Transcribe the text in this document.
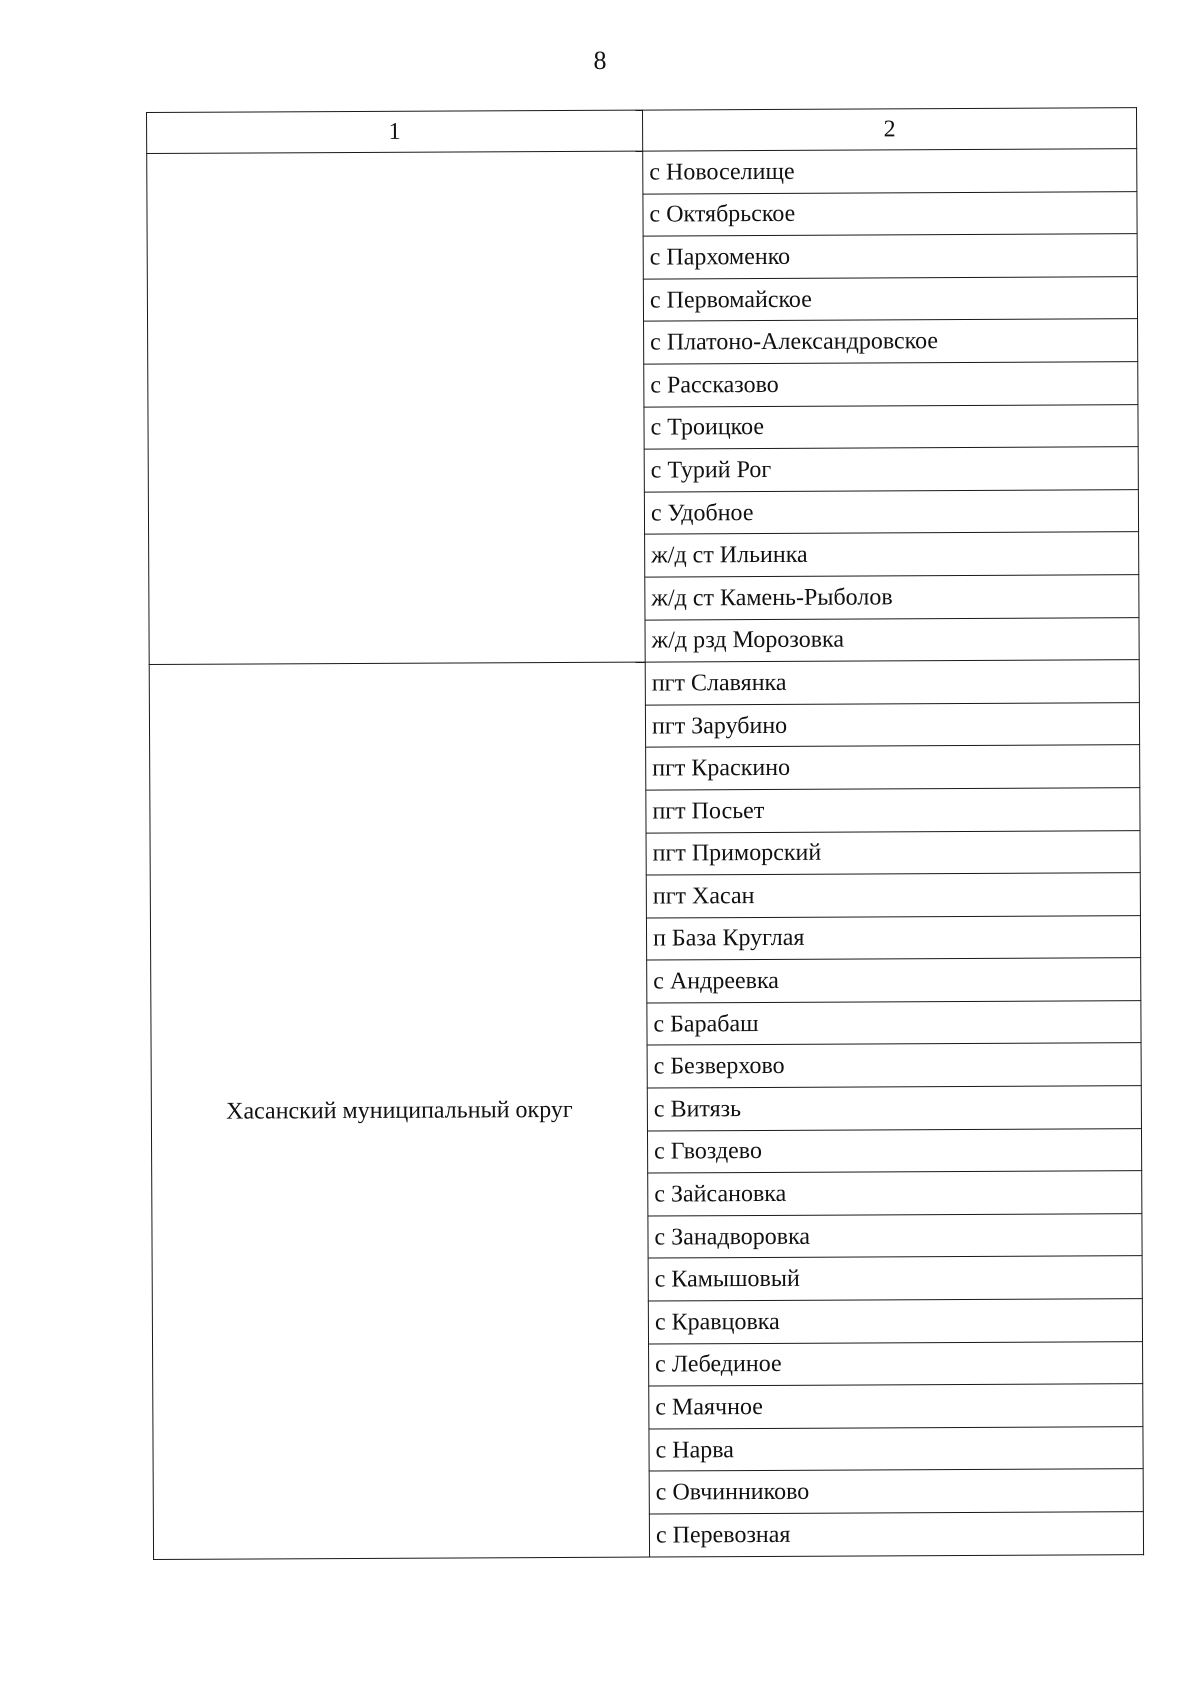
8
1	2
	с Новоселище
	с Октябрьское
	с Пархоменко
	с Первомайское
	с Платоно-Александровское
	с Рассказово
	с Троицкое
	с Турий Рог
	с Удобное
	ж/д ст Ильинка
	ж/д ст Камень-Рыболов
	ж/д рзд Морозовка
Хасанский муниципальный округ	пгт Славянка
	пгт Зарубино
	пгт Краскино
	пгт Посьет
	пгт Приморский
	пгт Хасан
	п База Круглая
	с Андреевка
	с Барабаш
	с Безверхово
	с Витязь
	с Гвоздево
	с Зайсановка
	с Занадворовка
	с Камышовый
	с Кравцовка
	с Лебединое
	с Маячное
	с Нарва
	с Овчинниково
	с Перевозная
